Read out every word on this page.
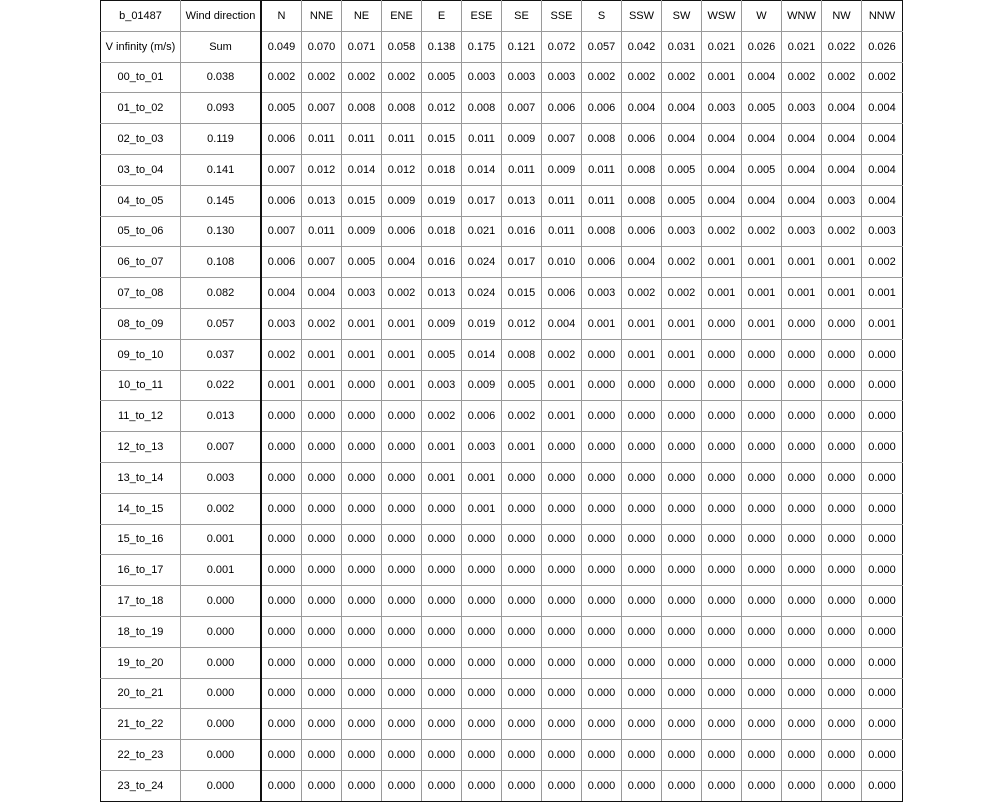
b_01487	Wind direction	N	NNE	NE	ENE	E	ESE	SE	SSE	S	SSW	SW	WSW	W	WNW	NW	NNW
V infinity (m/s)	Sum	0.049	0.070	0.071	0.058	0.138	0.175	0.121	0.072	0.057	0.042	0.031	0.021	0.026	0.021	0.022	0.026
00_to_01	0.038	0.002	0.002	0.002	0.002	0.005	0.003	0.003	0.003	0.002	0.002	0.002	0.001	0.004	0.002	0.002	0.002
01_to_02	0.093	0.005	0.007	0.008	0.008	0.012	0.008	0.007	0.006	0.006	0.004	0.004	0.003	0.005	0.003	0.004	0.004
02_to_03	0.119	0.006	0.011	0.011	0.011	0.015	0.011	0.009	0.007	0.008	0.006	0.004	0.004	0.004	0.004	0.004	0.004
03_to_04	0.141	0.007	0.012	0.014	0.012	0.018	0.014	0.011	0.009	0.011	0.008	0.005	0.004	0.005	0.004	0.004	0.004
04_to_05	0.145	0.006	0.013	0.015	0.009	0.019	0.017	0.013	0.011	0.011	0.008	0.005	0.004	0.004	0.004	0.003	0.004
05_to_06	0.130	0.007	0.011	0.009	0.006	0.018	0.021	0.016	0.011	0.008	0.006	0.003	0.002	0.002	0.003	0.002	0.003
06_to_07	0.108	0.006	0.007	0.005	0.004	0.016	0.024	0.017	0.010	0.006	0.004	0.002	0.001	0.001	0.001	0.001	0.002
07_to_08	0.082	0.004	0.004	0.003	0.002	0.013	0.024	0.015	0.006	0.003	0.002	0.002	0.001	0.001	0.001	0.001	0.001
08_to_09	0.057	0.003	0.002	0.001	0.001	0.009	0.019	0.012	0.004	0.001	0.001	0.001	0.000	0.001	0.000	0.000	0.001
09_to_10	0.037	0.002	0.001	0.001	0.001	0.005	0.014	0.008	0.002	0.000	0.001	0.001	0.000	0.000	0.000	0.000	0.000
10_to_11	0.022	0.001	0.001	0.000	0.001	0.003	0.009	0.005	0.001	0.000	0.000	0.000	0.000	0.000	0.000	0.000	0.000
11_to_12	0.013	0.000	0.000	0.000	0.000	0.002	0.006	0.002	0.001	0.000	0.000	0.000	0.000	0.000	0.000	0.000	0.000
12_to_13	0.007	0.000	0.000	0.000	0.000	0.001	0.003	0.001	0.000	0.000	0.000	0.000	0.000	0.000	0.000	0.000	0.000
13_to_14	0.003	0.000	0.000	0.000	0.000	0.001	0.001	0.000	0.000	0.000	0.000	0.000	0.000	0.000	0.000	0.000	0.000
14_to_15	0.002	0.000	0.000	0.000	0.000	0.000	0.001	0.000	0.000	0.000	0.000	0.000	0.000	0.000	0.000	0.000	0.000
15_to_16	0.001	0.000	0.000	0.000	0.000	0.000	0.000	0.000	0.000	0.000	0.000	0.000	0.000	0.000	0.000	0.000	0.000
16_to_17	0.001	0.000	0.000	0.000	0.000	0.000	0.000	0.000	0.000	0.000	0.000	0.000	0.000	0.000	0.000	0.000	0.000
17_to_18	0.000	0.000	0.000	0.000	0.000	0.000	0.000	0.000	0.000	0.000	0.000	0.000	0.000	0.000	0.000	0.000	0.000
18_to_19	0.000	0.000	0.000	0.000	0.000	0.000	0.000	0.000	0.000	0.000	0.000	0.000	0.000	0.000	0.000	0.000	0.000
19_to_20	0.000	0.000	0.000	0.000	0.000	0.000	0.000	0.000	0.000	0.000	0.000	0.000	0.000	0.000	0.000	0.000	0.000
20_to_21	0.000	0.000	0.000	0.000	0.000	0.000	0.000	0.000	0.000	0.000	0.000	0.000	0.000	0.000	0.000	0.000	0.000
21_to_22	0.000	0.000	0.000	0.000	0.000	0.000	0.000	0.000	0.000	0.000	0.000	0.000	0.000	0.000	0.000	0.000	0.000
22_to_23	0.000	0.000	0.000	0.000	0.000	0.000	0.000	0.000	0.000	0.000	0.000	0.000	0.000	0.000	0.000	0.000	0.000
23_to_24	0.000	0.000	0.000	0.000	0.000	0.000	0.000	0.000	0.000	0.000	0.000	0.000	0.000	0.000	0.000	0.000	0.000
